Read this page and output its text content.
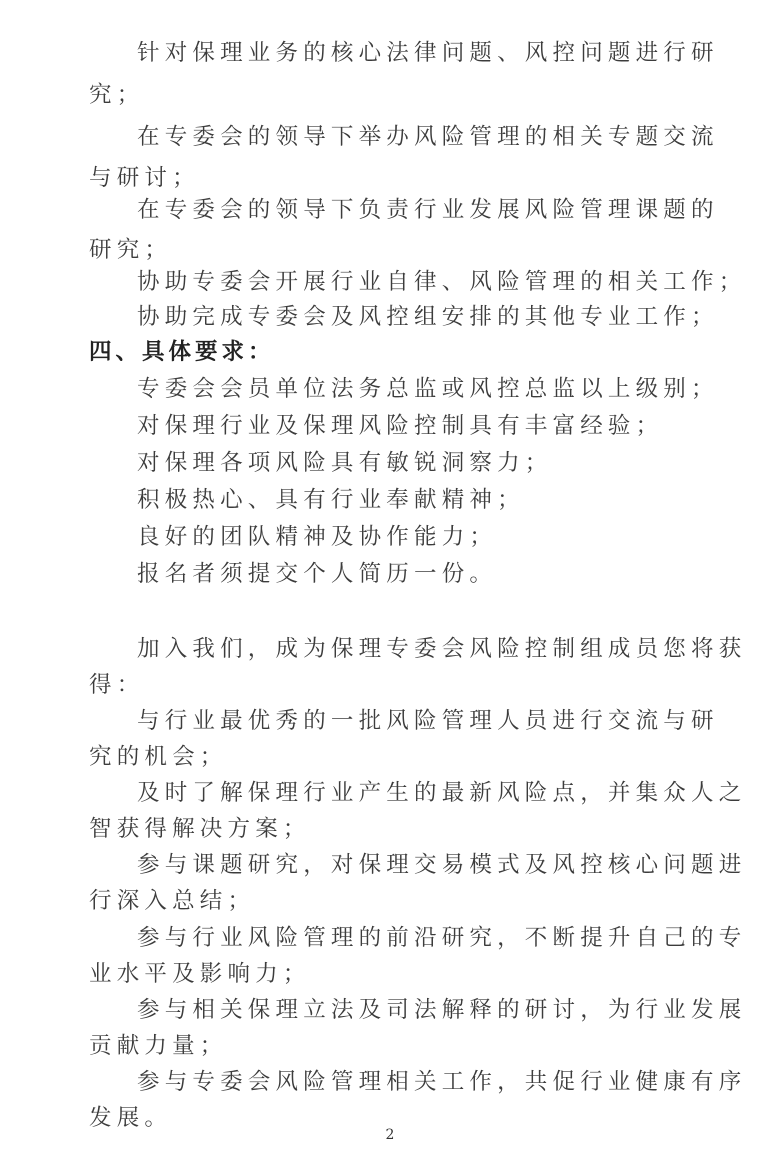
针对保理业务的核心法律问题、风控问题进行研
究；
在专委会的领导下举办风险管理的相关专题交流
与研讨；
在专委会的领导下负责行业发展风险管理课题的
研究；
协助专委会开展行业自律、风险管理的相关工作；
协助完成专委会及风控组安排的其他专业工作；
四、具体要求：
专委会会员单位法务总监或风控总监以上级别；
对保理行业及保理风险控制具有丰富经验；
对保理各项风险具有敏锐洞察力；
积极热心、具有行业奉献精神；
良好的团队精神及协作能力；
报名者须提交个人简历一份。
加入我们，成为保理专委会风险控制组成员您将获
得：
与行业最优秀的一批风险管理人员进行交流与研
究的机会；
及时了解保理行业产生的最新风险点，并集众人之
智获得解决方案；
参与课题研究，对保理交易模式及风控核心问题进
行深入总结；
参与行业风险管理的前沿研究，不断提升自己的专
业水平及影响力；
参与相关保理立法及司法解释的研讨，为行业发展
贡献力量；
参与专委会风险管理相关工作，共促行业健康有序
发展。
2
